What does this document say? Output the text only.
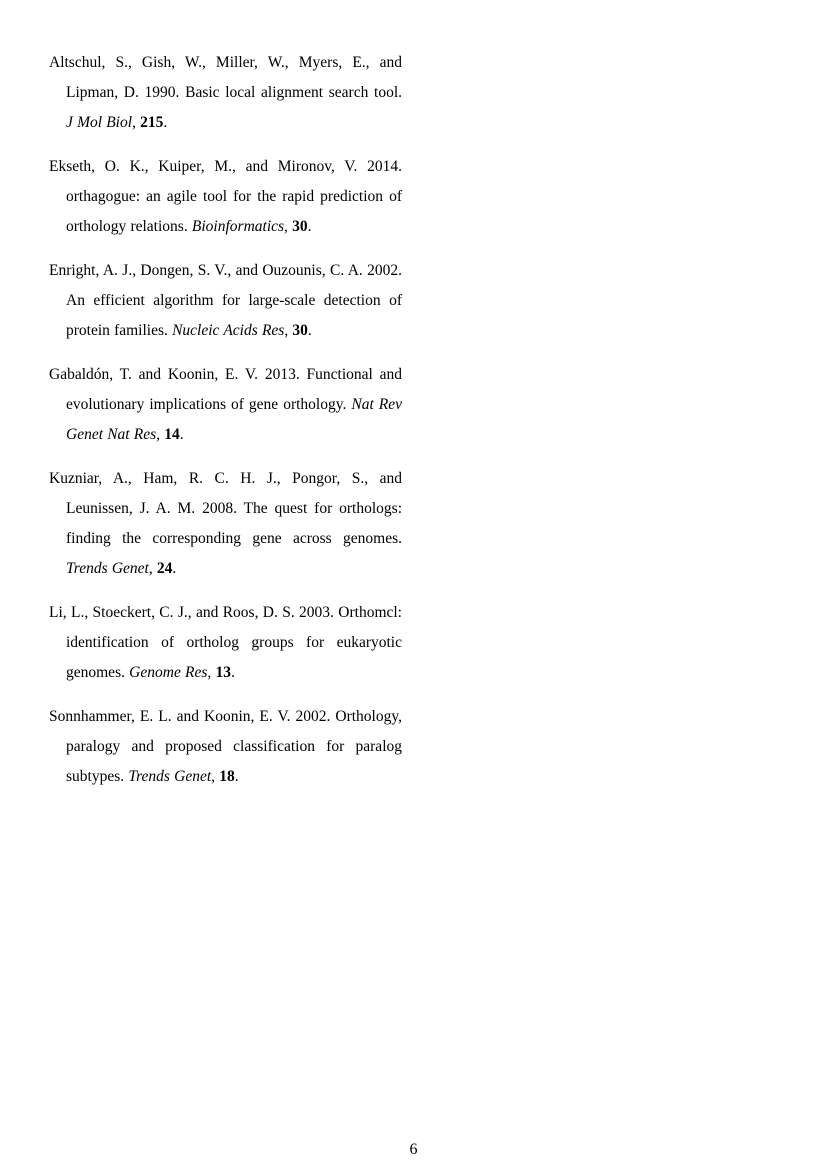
Altschul, S., Gish, W., Miller, W., Myers, E., and Lipman, D. 1990. Basic local alignment search tool. J Mol Biol, 215.

Ekseth, O. K., Kuiper, M., and Mironov, V. 2014. orthagogue: an agile tool for the rapid prediction of orthology relations. Bioinformatics, 30.

Enright, A. J., Dongen, S. V., and Ouzounis, C. A. 2002. An efficient algorithm for large-scale detection of protein families. Nucleic Acids Res, 30.

Gabaldón, T. and Koonin, E. V. 2013. Functional and evolutionary implications of gene orthology. Nat Rev Genet Nat Res, 14.

Kuzniar, A., Ham, R. C. H. J., Pongor, S., and Leunissen, J. A. M. 2008. The quest for orthologs: finding the corresponding gene across genomes. Trends Genet, 24.

Li, L., Stoeckert, C. J., and Roos, D. S. 2003. Orthomcl: identification of ortholog groups for eukaryotic genomes. Genome Res, 13.

Sonnhammer, E. L. and Koonin, E. V. 2002. Orthology, paralogy and proposed classification for paralog subtypes. Trends Genet, 18.

6
